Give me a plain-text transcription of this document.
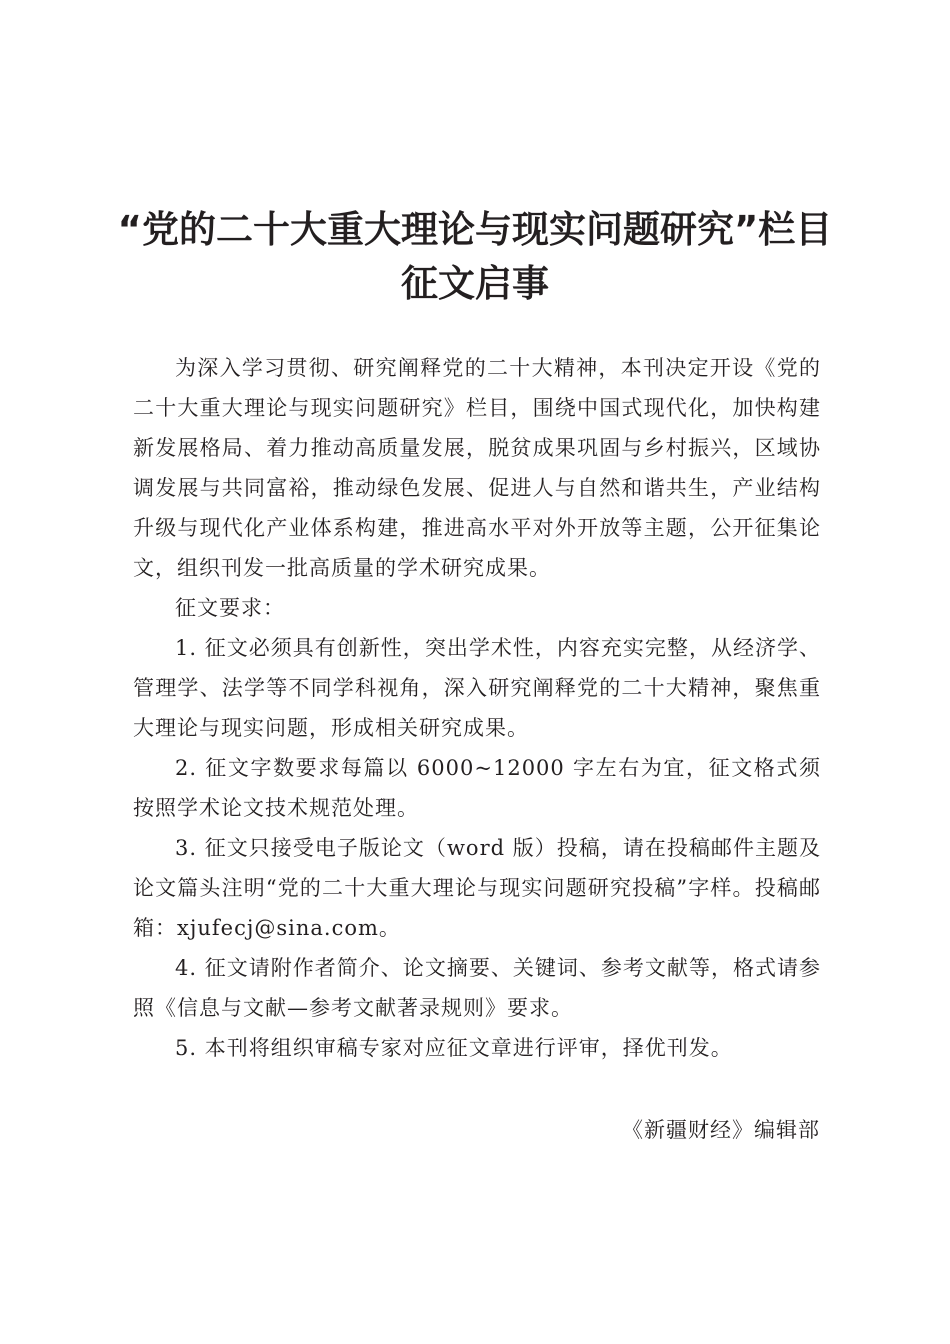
“党的二十大重大理论与现实问题研究”栏目
征文启事

为深入学习贯彻、研究阐释党的二十大精神，本刊决定开设《党的二十大重大理论与现实问题研究》栏目，围绕中国式现代化，加快构建新发展格局、着力推动高质量发展，脱贫成果巩固与乡村振兴，区域协调发展与共同富裕，推动绿色发展、促进人与自然和谐共生，产业结构升级与现代化产业体系构建，推进高水平对外开放等主题，公开征集论文，组织刊发一批高质量的学术研究成果。

征文要求：

1. 征文必须具有创新性，突出学术性，内容充实完整，从经济学、管理学、法学等不同学科视角，深入研究阐释党的二十大精神，聚焦重大理论与现实问题，形成相关研究成果。

2. 征文字数要求每篇以 6000~12000 字左右为宜，征文格式须按照学术论文技术规范处理。

3. 征文只接受电子版论文（word 版）投稿，请在投稿邮件主题及论文篇头注明“党的二十大重大理论与现实问题研究投稿”字样。投稿邮箱：xjufecj@sina.com。

4. 征文请附作者简介、论文摘要、关键词、参考文献等，格式请参照《信息与文献—参考文献著录规则》要求。

5. 本刊将组织审稿专家对应征文章进行评审，择优刊发。

《新疆财经》编辑部
